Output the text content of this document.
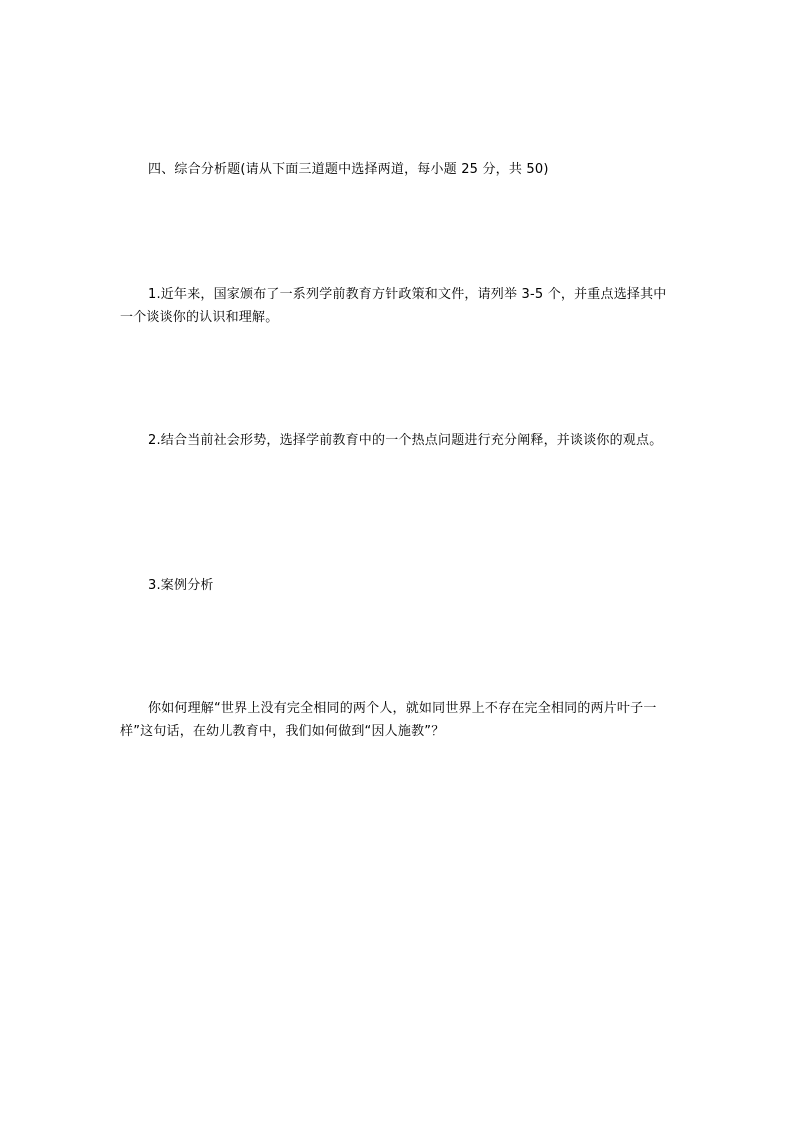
四、综合分析题(请从下面三道题中选择两道，每小题 25 分，共 50)

1.近年来，国家颁布了一系列学前教育方针政策和文件，请列举 3-5 个，并重点选择其中一个谈谈你的认识和理解。

2.结合当前社会形势，选择学前教育中的一个热点问题进行充分阐释，并谈谈你的观点。

3.案例分析

你如何理解“世界上没有完全相同的两个人，就如同世界上不存在完全相同的两片叶子一样”这句话，在幼儿教育中，我们如何做到“因人施教”？
